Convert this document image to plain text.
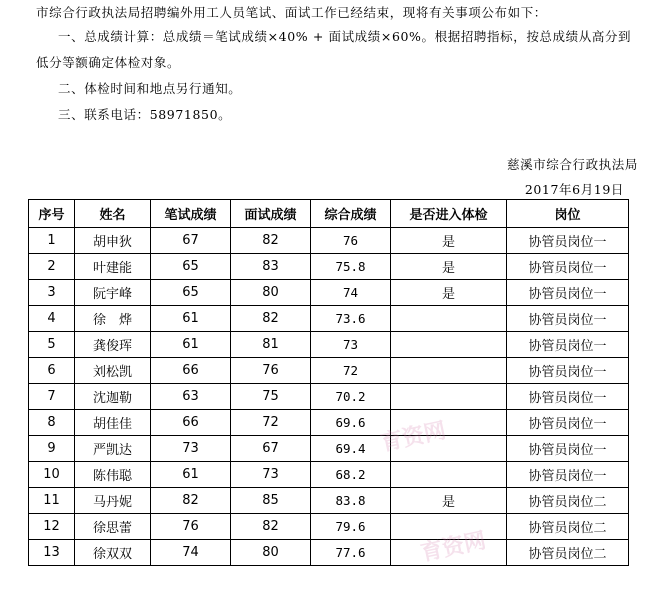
市综合行政执法局招聘编外用工人员笔试、面试工作已经结束，现将有关事项公布如下：

一、总成绩计算：总成绩＝笔试成绩×40% + 面试成绩×60%。根据招聘指标，按总成绩从高分到低分等额确定体检对象。

二、体检时间和地点另行通知。

三、联系电话：58971850。

慈溪市综合行政执法局
2017年6月19日
序号	姓名	笔试成绩	面试成绩	综合成绩	是否进入体检	岗位
1	胡申狄	67	82	76	是	协管员岗位一
2	叶建能	65	83	75.8	是	协管员岗位一
3	阮宇峰	65	80	74	是	协管员岗位一
4	徐　烨	61	82	73.6		协管员岗位一
5	龚俊珲	61	81	73		协管员岗位一
6	刘松凯	66	76	72		协管员岗位一
7	沈迦勒	63	75	70.2		协管员岗位一
8	胡佳佳	66	72	69.6		协管员岗位一
9	严凯达	73	67	69.4		协管员岗位一
10	陈伟聪	61	73	68.2		协管员岗位一
11	马丹妮	82	85	83.8	是	协管员岗位二
12	徐思蕾	76	82	79.6		协管员岗位二
13	徐双双	74	80	77.6		协管员岗位二
育资网
育资网
